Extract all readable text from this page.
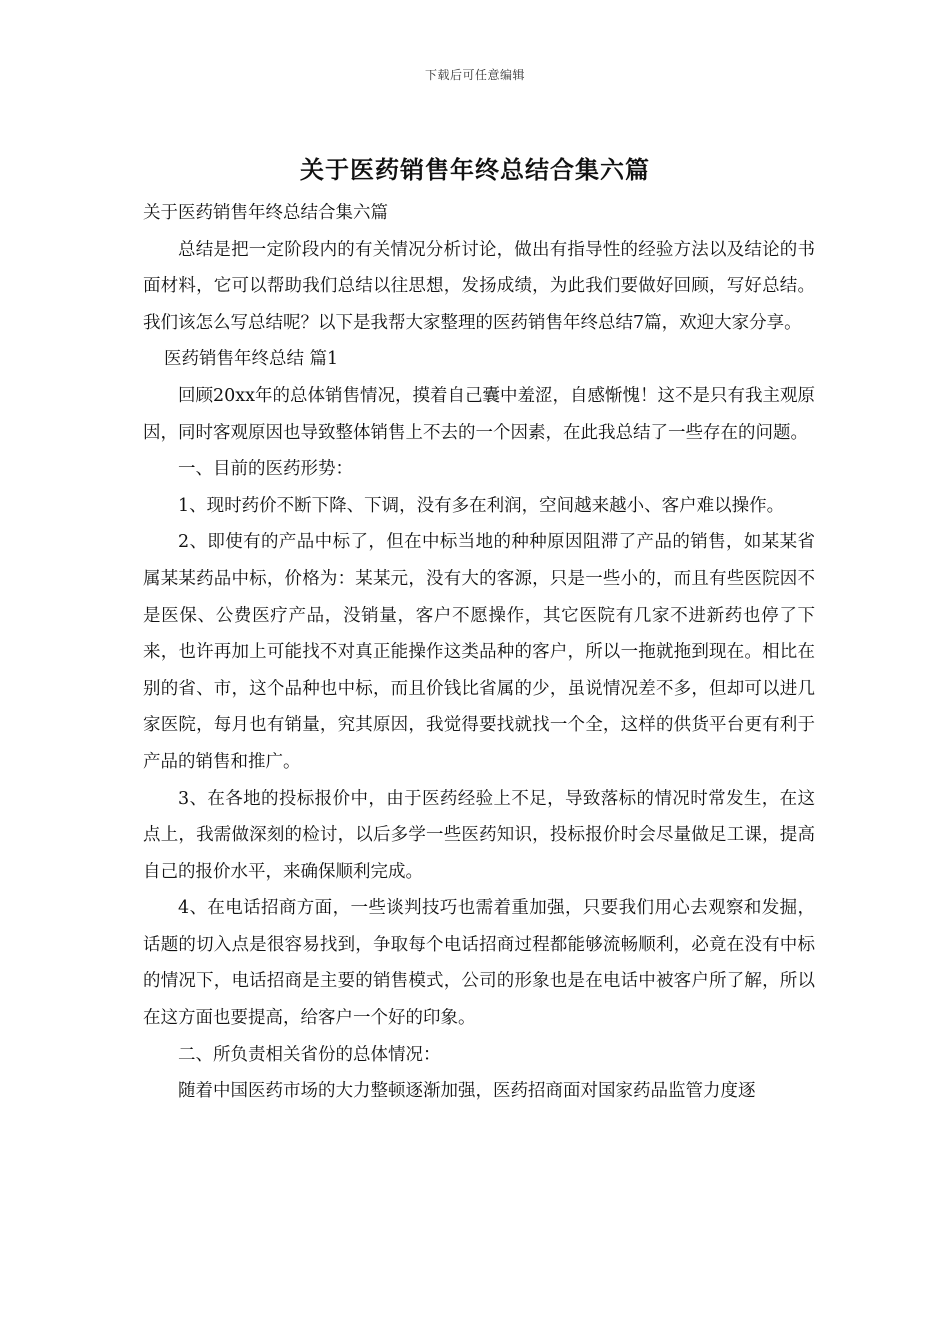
下载后可任意编辑
关于医药销售年终总结合集六篇

关于医药销售年终总结合集六篇

总结是把一定阶段内的有关情况分析讨论，做出有指导性的经验方法以及结论的书面材料，它可以帮助我们总结以往思想，发扬成绩，为此我们要做好回顾，写好总结。我们该怎么写总结呢？以下是我帮大家整理的医药销售年终总结7篇，欢迎大家分享。

医药销售年终总结 篇1

回顾20xx年的总体销售情况，摸着自己囊中羞涩，自感惭愧！这不是只有我主观原因，同时客观原因也导致整体销售上不去的一个因素，在此我总结了一些存在的问题。

一、目前的医药形势：

1、现时药价不断下降、下调，没有多在利润，空间越来越小、客户难以操作。

2、即使有的产品中标了，但在中标当地的种种原因阻滞了产品的销售，如某某省属某某药品中标，价格为：某某元，没有大的客源，只是一些小的，而且有些医院因不是医保、公费医疗产品，没销量，客户不愿操作，其它医院有几家不进新药也停了下来，也许再加上可能找不对真正能操作这类品种的客户，所以一拖就拖到现在。相比在别的省、市，这个品种也中标，而且价钱比省属的少，虽说情况差不多，但却可以进几家医院，每月也有销量，究其原因，我觉得要找就找一个全，这样的供货平台更有利于产品的销售和推广。

3、在各地的投标报价中，由于医药经验上不足，导致落标的情况时常发生，在这点上，我需做深刻的检讨，以后多学一些医药知识，投标报价时会尽量做足工课，提高自己的报价水平，来确保顺利完成。

4、在电话招商方面，一些谈判技巧也需着重加强，只要我们用心去观察和发掘，话题的切入点是很容易找到，争取每个电话招商过程都能够流畅顺利，必竟在没有中标的情况下，电话招商是主要的销售模式，公司的形象也是在电话中被客户所了解，所以在这方面也要提高，给客户一个好的印象。

二、所负责相关省份的总体情况：

随着中国医药市场的大力整顿逐渐加强，医药招商面对国家药品监管力度逐
